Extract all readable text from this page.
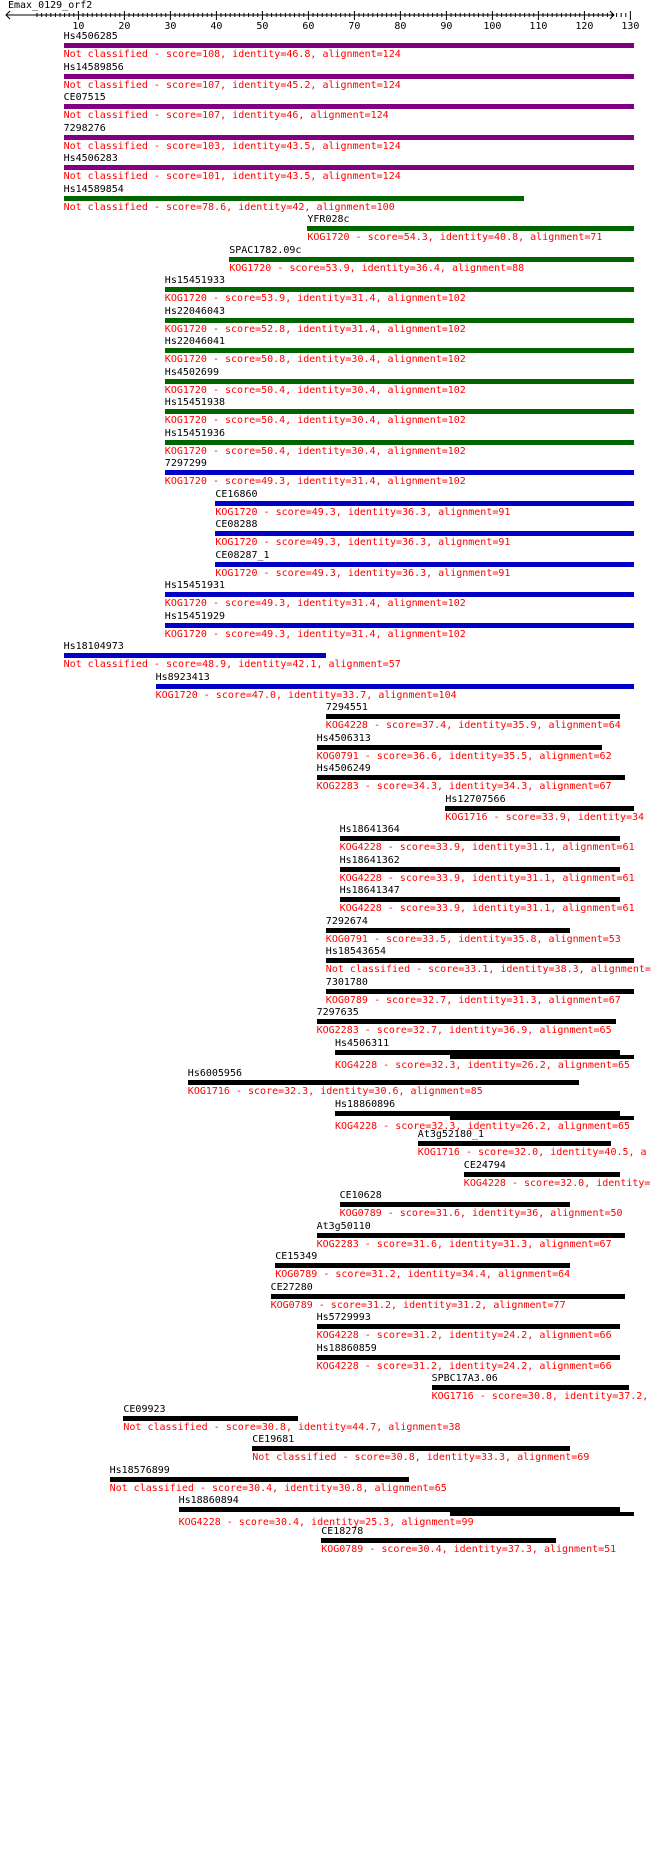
Emax_0129_orf2
10	20	30	40	50	60	70	80	90	100	110	120	130
Hs4506285
Not classified - score=108, identity=46.8, alignment=124
Hs14589856
Not classified - score=107, identity=45.2, alignment=124
CE07515
Not classified - score=107, identity=46, alignment=124
7298276
Not classified - score=103, identity=43.5, alignment=124
Hs4506283
Not classified - score=101, identity=43.5, alignment=124
Hs14589854
Not classified - score=78.6, identity=42, alignment=100
YFR028c
KOG1720 - score=54.3, identity=40.8, alignment=71
SPAC1782.09c
KOG1720 - score=53.9, identity=36.4, alignment=88
Hs15451933
KOG1720 - score=53.9, identity=31.4, alignment=102
Hs22046043
KOG1720 - score=52.8, identity=31.4, alignment=102
Hs22046041
KOG1720 - score=50.8, identity=30.4, alignment=102
Hs4502699
KOG1720 - score=50.4, identity=30.4, alignment=102
Hs15451938
KOG1720 - score=50.4, identity=30.4, alignment=102
Hs15451936
KOG1720 - score=50.4, identity=30.4, alignment=102
7297299
KOG1720 - score=49.3, identity=31.4, alignment=102
CE16860
KOG1720 - score=49.3, identity=36.3, alignment=91
CE08288
KOG1720 - score=49.3, identity=36.3, alignment=91
CE08287_1
KOG1720 - score=49.3, identity=36.3, alignment=91
Hs15451931
KOG1720 - score=49.3, identity=31.4, alignment=102
Hs15451929
KOG1720 - score=49.3, identity=31.4, alignment=102
Hs18104973
Not classified - score=48.9, identity=42.1, alignment=57
Hs8923413
KOG1720 - score=47.0, identity=33.7, alignment=104
7294551
KOG4228 - score=37.4, identity=35.9, alignment=64
Hs4506313
KOG0791 - score=36.6, identity=35.5, alignment=62
Hs4506249
KOG2283 - score=34.3, identity=34.3, alignment=67
Hs12707566
KOG1716 - score=33.9, identity=34
Hs18641364
KOG4228 - score=33.9, identity=31.1, alignment=61
Hs18641362
KOG4228 - score=33.9, identity=31.1, alignment=61
Hs18641347
KOG4228 - score=33.9, identity=31.1, alignment=61
7292674
KOG0791 - score=33.5, identity=35.8, alignment=53
Hs18543654
Not classified - score=33.1, identity=38.3, alignment=
7301780
KOG0789 - score=32.7, identity=31.3, alignment=67
7297635
KOG2283 - score=32.7, identity=36.9, alignment=65
Hs4506311
KOG4228 - score=32.3, identity=26.2, alignment=65
Hs6005956
KOG1716 - score=32.3, identity=30.6, alignment=85
Hs18860896
KOG4228 - score=32.3, identity=26.2, alignment=65
At3g52180_1
KOG1716 - score=32.0, identity=40.5, a
CE24794
KOG4228 - score=32.0, identity=
CE10628
KOG0789 - score=31.6, identity=36, alignment=50
At3g50110
KOG2283 - score=31.6, identity=31.3, alignment=67
CE15349
KOG0789 - score=31.2, identity=34.4, alignment=64
CE27280
KOG0789 - score=31.2, identity=31.2, alignment=77
Hs5729993
KOG4228 - score=31.2, identity=24.2, alignment=66
Hs18860859
KOG4228 - score=31.2, identity=24.2, alignment=66
SPBC17A3.06
KOG1716 - score=30.8, identity=37.2,
CE09923
Not classified - score=30.8, identity=44.7, alignment=38
CE19681
Not classified - score=30.8, identity=33.3, alignment=69
Hs18576899
Not classified - score=30.4, identity=30.8, alignment=65
Hs18860894
KOG4228 - score=30.4, identity=25.3, alignment=99
CE18278
KOG0789 - score=30.4, identity=37.3, alignment=51
